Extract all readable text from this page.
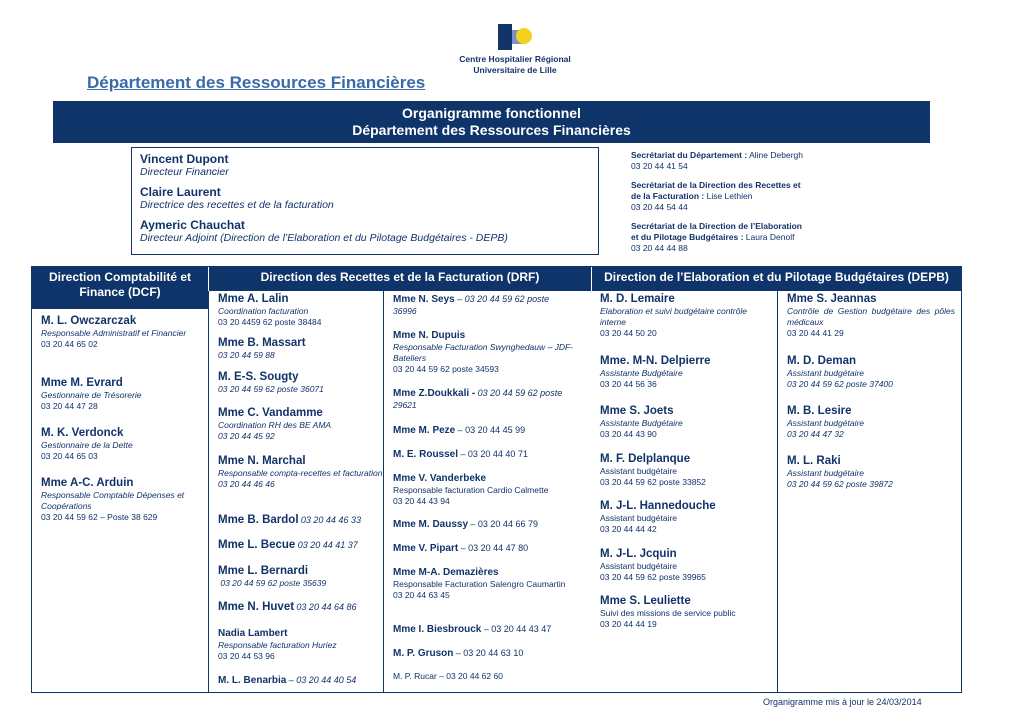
Centre Hospitalier Régional
Universitaire de Lille
Département des Ressources Financières
Organigramme fonctionnel
Département des Ressources Financières
Vincent Dupont
Directeur Financier
Claire Laurent
Directrice des recettes et de la facturation
Aymeric Chauchat
Directeur Adjoint (Direction de l’Elaboration et du Pilotage Budgétaires - DEPB)
Secrétariat du Département : Aline Debergh
03 20 44 41 54
Secrétariat de la Direction des Recettes et
de la Facturation : Lise Lethien
03 20 44 54 44
Secrétariat de la Direction de l’Elaboration
et du Pilotage Budgétaires : Laura Denolf
03 20 44 44 88
Direction Comptabilité et Finance (DCF)
M. L. Owczarczak
Responsable Administratif et Financier
03 20 44 65 02
Mme M. Evrard
Gestionnaire de Trésorerie
03 20 44 47 28
M. K. Verdonck
Gestionnaire de la Dette
03 20 44 65 03
Mme A-C. Arduin
Responsable Comptable Dépenses et Coopérations
03 20 44 59 62 – Poste 38 629
Mme A. Lalin
Coordination facturation
03 20 4459 62 poste 38484
Mme B. Massart
03 20 44 59 88
M. E-S. Sougty
03 20 44 59 62 poste 36071
Mme C. Vandamme
Coordination RH des BE AMA
03 20 44 45 92
Mme N. Marchal
Responsable compta-recettes et facturation
03 20 44 46 46
Mme B. Bardol 03 20 44 46 33
Mme L. Becue 03 20 44 41 37
Mme L. Bernardi
03 20 44 59 62 poste 35639
Mme N. Huvet 03 20 44 64 86
Nadia Lambert
Responsable facturation Huriez
03 20 44 53 96
M. L. Benarbia – 03 20 44 40 54
Mme N. Seys – 03 20 44 59 62 poste
36996
Mme N. Dupuis
Responsable Facturation Swynghedauw – JDF- Bateliers
03 20 44 59 62 poste 34593
Mme Z.Doukkali - 03 20 44 59 62 poste
29621
Mme M. Peze – 03 20 44 45 99
M. E. Roussel – 03 20 44 40 71
Mme V. Vanderbeke
Responsable facturation Cardio Calmette
03 20 44 43 94
Mme M. Daussy – 03 20 44 66 79
Mme V. Pipart – 03 20 44 47 80
Mme M-A. Demazières
Responsable Facturation Salengro Caumartin
03 20 44 63 45
Mme I. Biesbrouck – 03 20 44 43 47
M. P. Gruson – 03 20 44 63 10
M. P. Rucar – 03 20 44 62 60
Direction des Recettes et de la Facturation (DRF)
M. D. Lemaire
Elaboration et suivi budgétaire contrôle interne
03 20 44 50 20
Mme. M-N. Delpierre
Assistante Budgétaire
03 20 44 56 36
Mme S. Joets
Assistante Budgétaire
03 20 44 43 90
M. F. Delplanque
Assistant budgétaire
03 20 44 59 62 poste 33852
M. J-L. Hannedouche
Assistant budgétaire
03 20 44 44 42
M. J-L. Jcquin
Assistant budgétaire
03 20 44 59 62 poste 39965
Mme S. Leuliette
Suivi des missions de service public
03 20 44 44 19
Mme S. Jeannas
Contrôle de Gestion budgétaire des pôles médicaux
03 20 44 41 29
M. D. Deman
Assistant budgétaire
03 20 44 59 62 poste 37400
M. B. Lesire
Assistant budgétaire
03 20 44 47 32
M. L. Raki
Assistant budgétaire
03 20 44 59 62 poste 39872
Direction de l’Elaboration et du Pilotage Budgétaires (DEPB)
Organigramme mis à jour le 24/03/2014
